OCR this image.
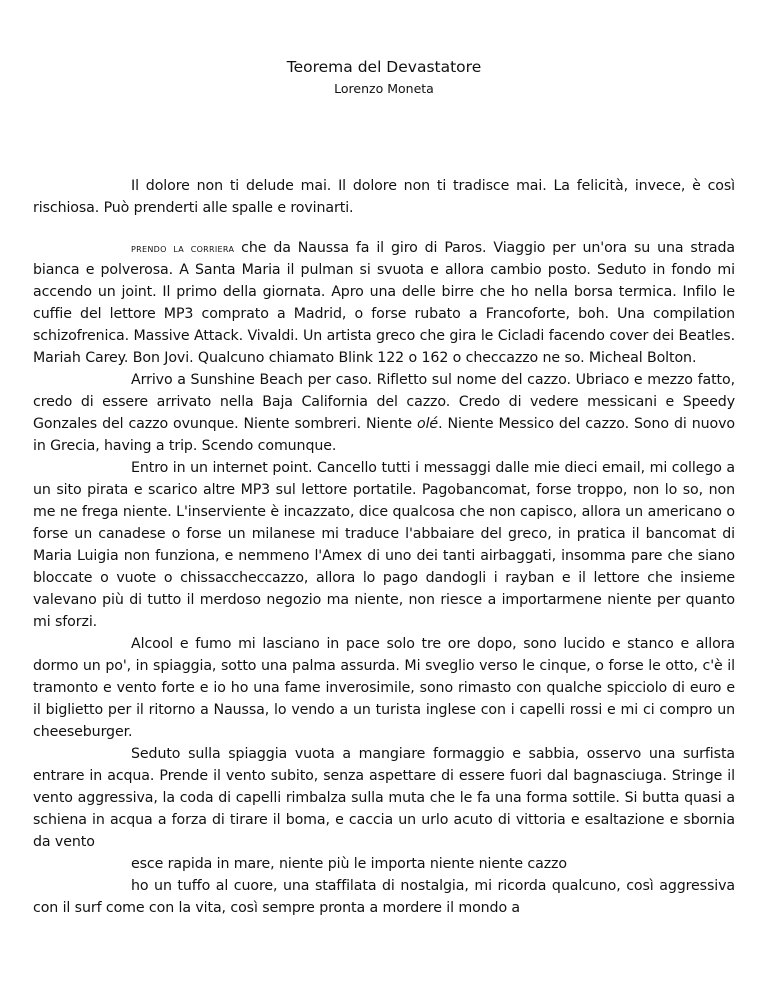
Teorema del Devastatore
Lorenzo Moneta

Il dolore non ti delude mai. Il dolore non ti tradisce mai. La felicità, invece, è così rischiosa. Può prenderti alle spalle e rovinarti.

prendo la corriera che da Naussa fa il giro di Paros. Viaggio per un'ora su una strada bianca e polverosa. A Santa Maria il pulman si svuota e allora cambio posto. Seduto in fondo mi accendo un joint. Il primo della giornata. Apro una delle birre che ho nella borsa termica. Infilo le cuffie del lettore MP3 comprato a Madrid, o forse rubato a Francoforte, boh. Una compilation schizofrenica. Massive Attack. Vivaldi. Un artista greco che gira le Cicladi facendo cover dei Beatles. Mariah Carey. Bon Jovi. Qualcuno chiamato Blink 122 o 162 o checcazzo ne so. Micheal Bolton.

Arrivo a Sunshine Beach per caso. Rifletto sul nome del cazzo. Ubriaco e mezzo fatto, credo di essere arrivato nella Baja California del cazzo. Credo di vedere messicani e Speedy Gonzales del cazzo ovunque. Niente sombreri. Niente olé. Niente Messico del cazzo. Sono di nuovo in Grecia, having a trip. Scendo comunque.

Entro in un internet point. Cancello tutti i messaggi dalle mie dieci email, mi collego a un sito pirata e scarico altre MP3 sul lettore portatile. Pagobancomat, forse troppo, non lo so, non me ne frega niente. L'inserviente è incazzato, dice qualcosa che non capisco, allora un americano o forse un canadese o forse un milanese mi traduce l'abbaiare del greco, in pratica il bancomat di Maria Luigia non funziona, e nemmeno l'Amex di uno dei tanti airbaggati, insomma pare che siano bloccate o vuote o chissaccheccazzo, allora lo pago dandogli i rayban e il lettore che insieme valevano più di tutto il merdoso negozio ma niente, non riesce a importarmene niente per quanto mi sforzi.

Alcool e fumo mi lasciano in pace solo tre ore dopo, sono lucido e stanco e allora dormo un po', in spiaggia, sotto una palma assurda. Mi sveglio verso le cinque, o forse le otto, c'è il tramonto e vento forte e io ho una fame inverosimile, sono rimasto con qualche spicciolo di euro e il biglietto per il ritorno a Naussa, lo vendo a un turista inglese con i capelli rossi e mi ci compro un cheeseburger.

Seduto sulla spiaggia vuota a mangiare formaggio e sabbia, osservo una surfista entrare in acqua. Prende il vento subito, senza aspettare di essere fuori dal bagnasciuga. Stringe il vento aggressiva, la coda di capelli rimbalza sulla muta che le fa una forma sottile. Si butta quasi a schiena in acqua a forza di tirare il boma, e caccia un urlo acuto di vittoria e esaltazione e sbornia da vento

esce rapida in mare, niente più le importa niente niente cazzo

ho un tuffo al cuore, una staffilata di nostalgia, mi ricorda qualcuno, così aggressiva con il surf come con la vita, così sempre pronta a mordere il mondo a
